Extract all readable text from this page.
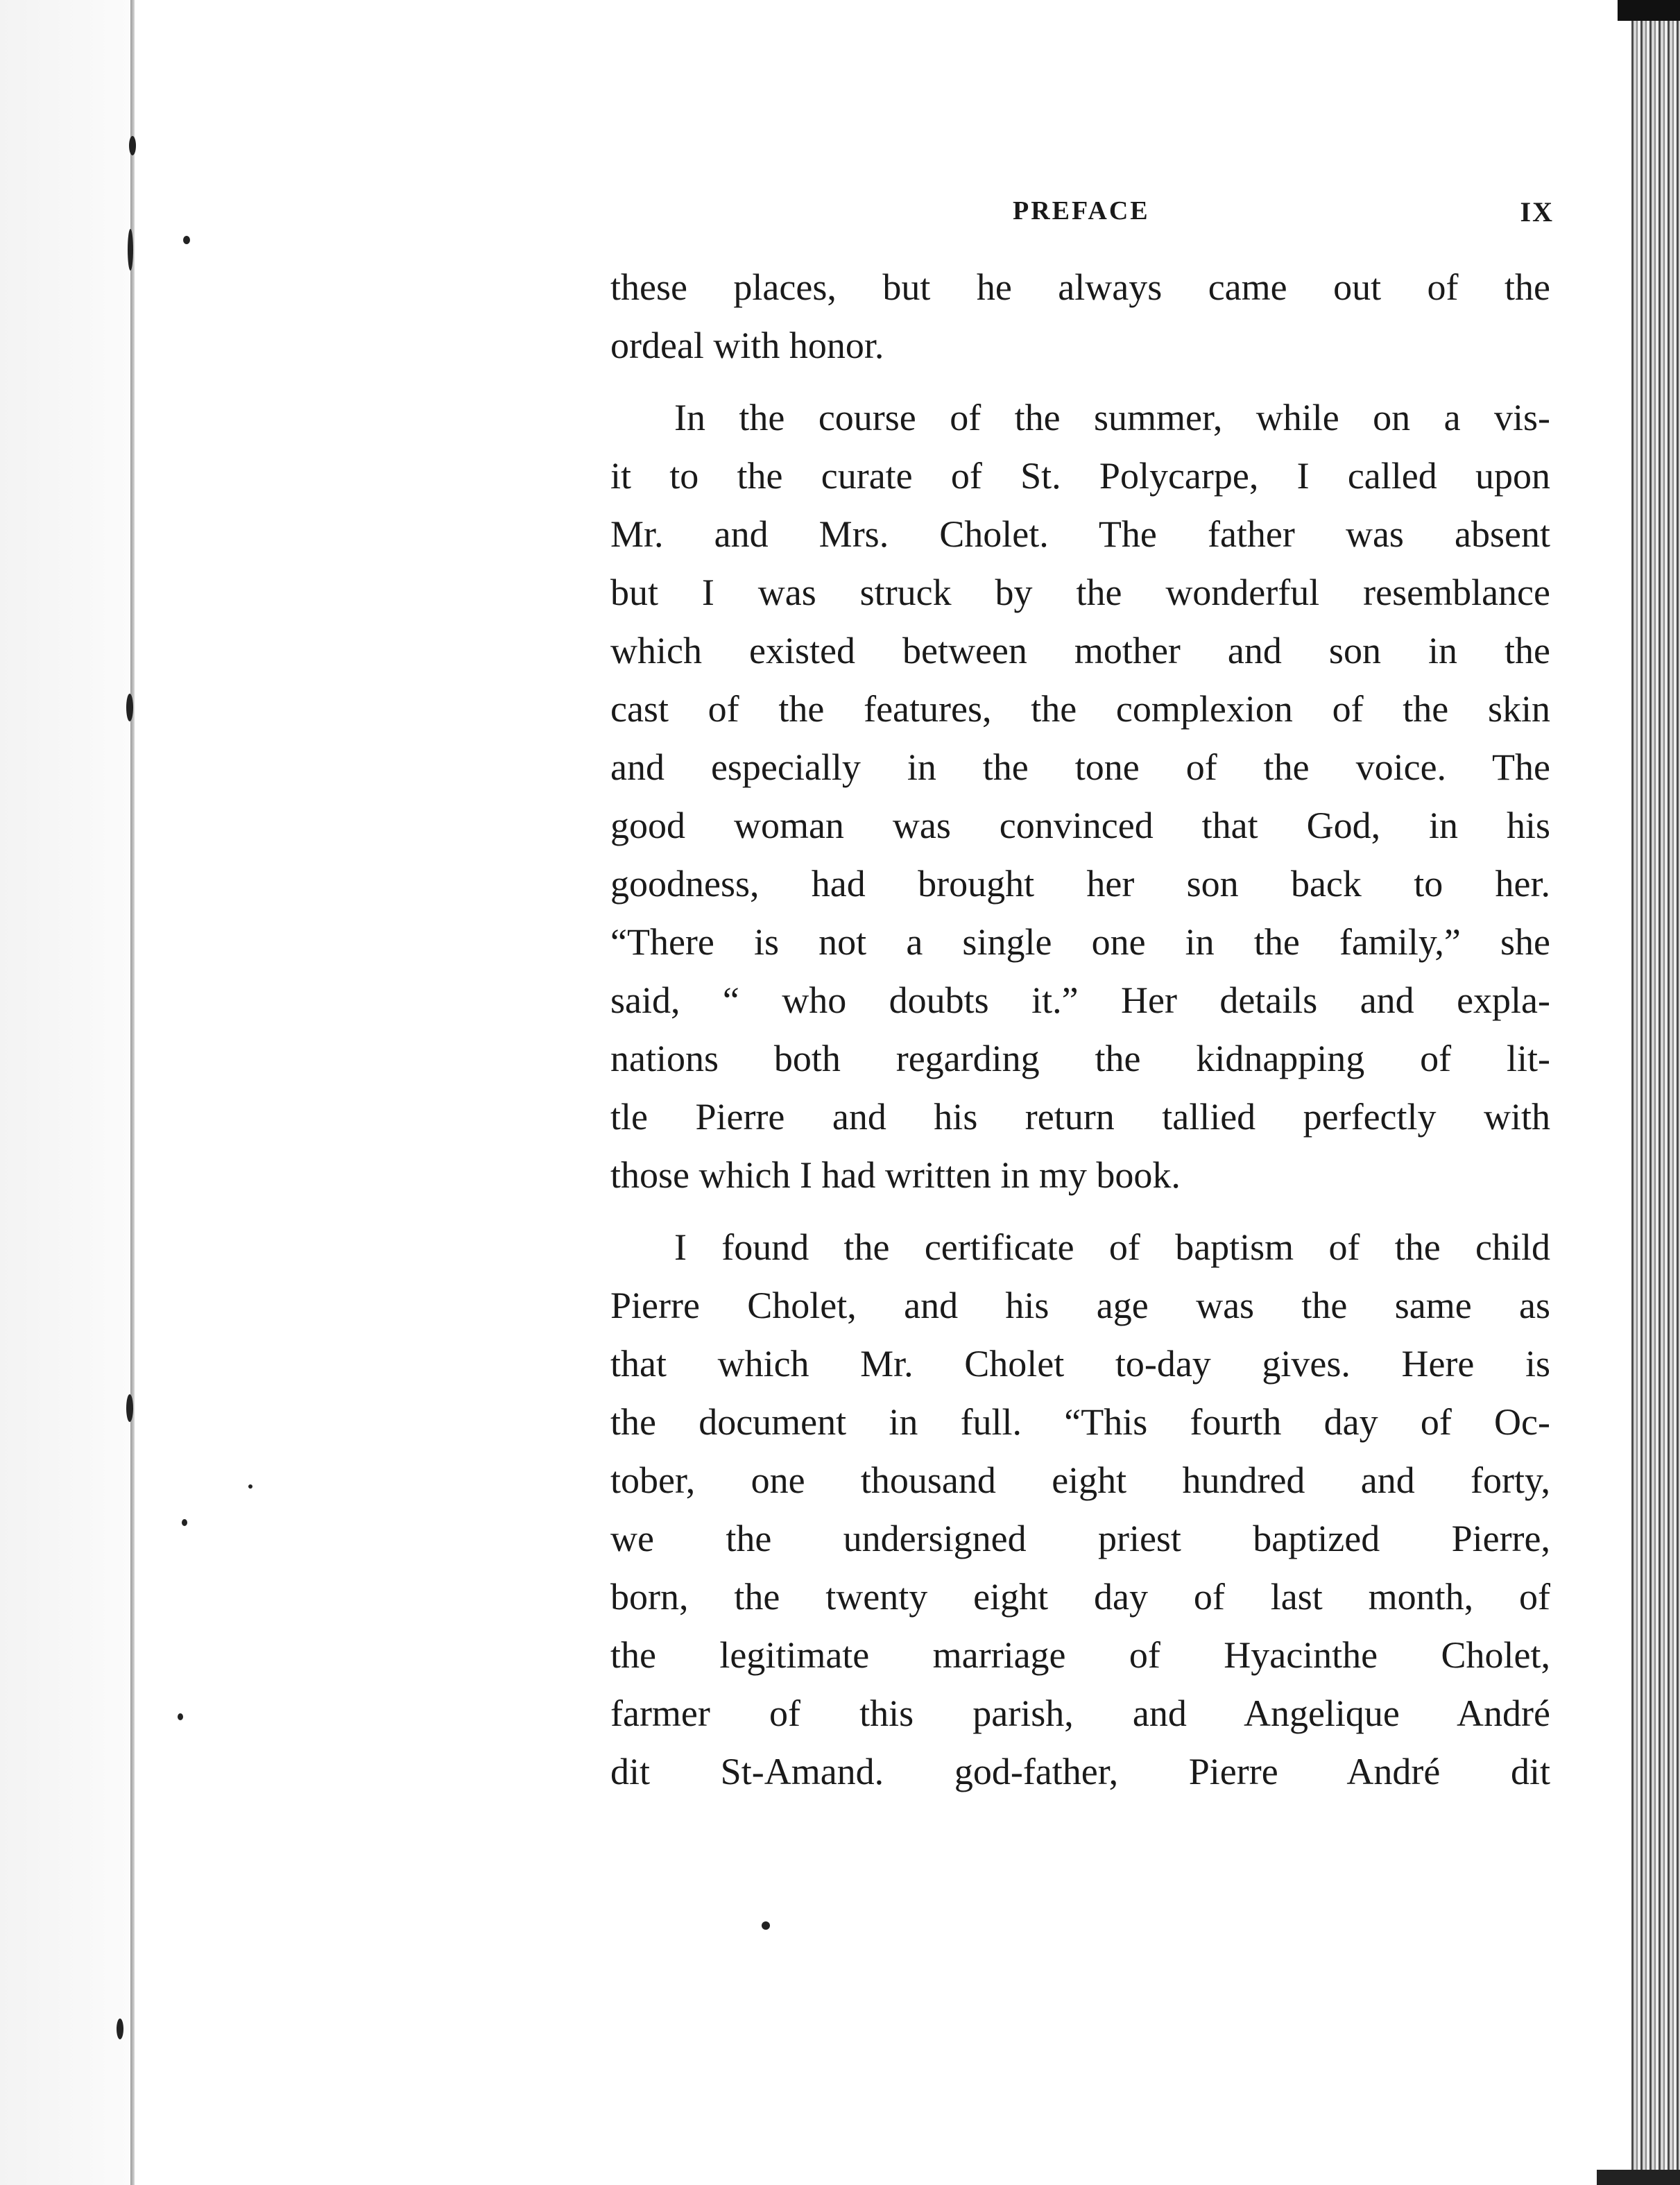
PREFACE	IX
these places, but he always came out of the
ordeal with honor.
In the course of the summer, while on a vis-
it to the curate of St. Polycarpe, I called upon
Mr. and Mrs. Cholet. The father was absent
but I was struck by the wonderful resemblance
which existed between mother and son in the
cast of the features, the complexion of the skin
and especially in the tone of the voice. The
good woman was convinced that God, in his
goodness, had brought her son back to her.
“There is not a single one in the family,” she
said, “ who doubts it.” Her details and expla-
nations both regarding the kidnapping of lit-
tle Pierre and his return tallied perfectly with
those which I had written in my book.
I found the certificate of baptism of the child
Pierre Cholet, and his age was the same as
that which Mr. Cholet to-day gives. Here is
the document in full. “This fourth day of Oc-
tober, one thousand eight hundred and forty,
we the undersigned priest baptized Pierre,
born, the twenty eight day of last month, of
the legitimate marriage of Hyacinthe Cholet,
farmer of this parish, and Angelique André
dit St-Amand. god-father, Pierre André dit
